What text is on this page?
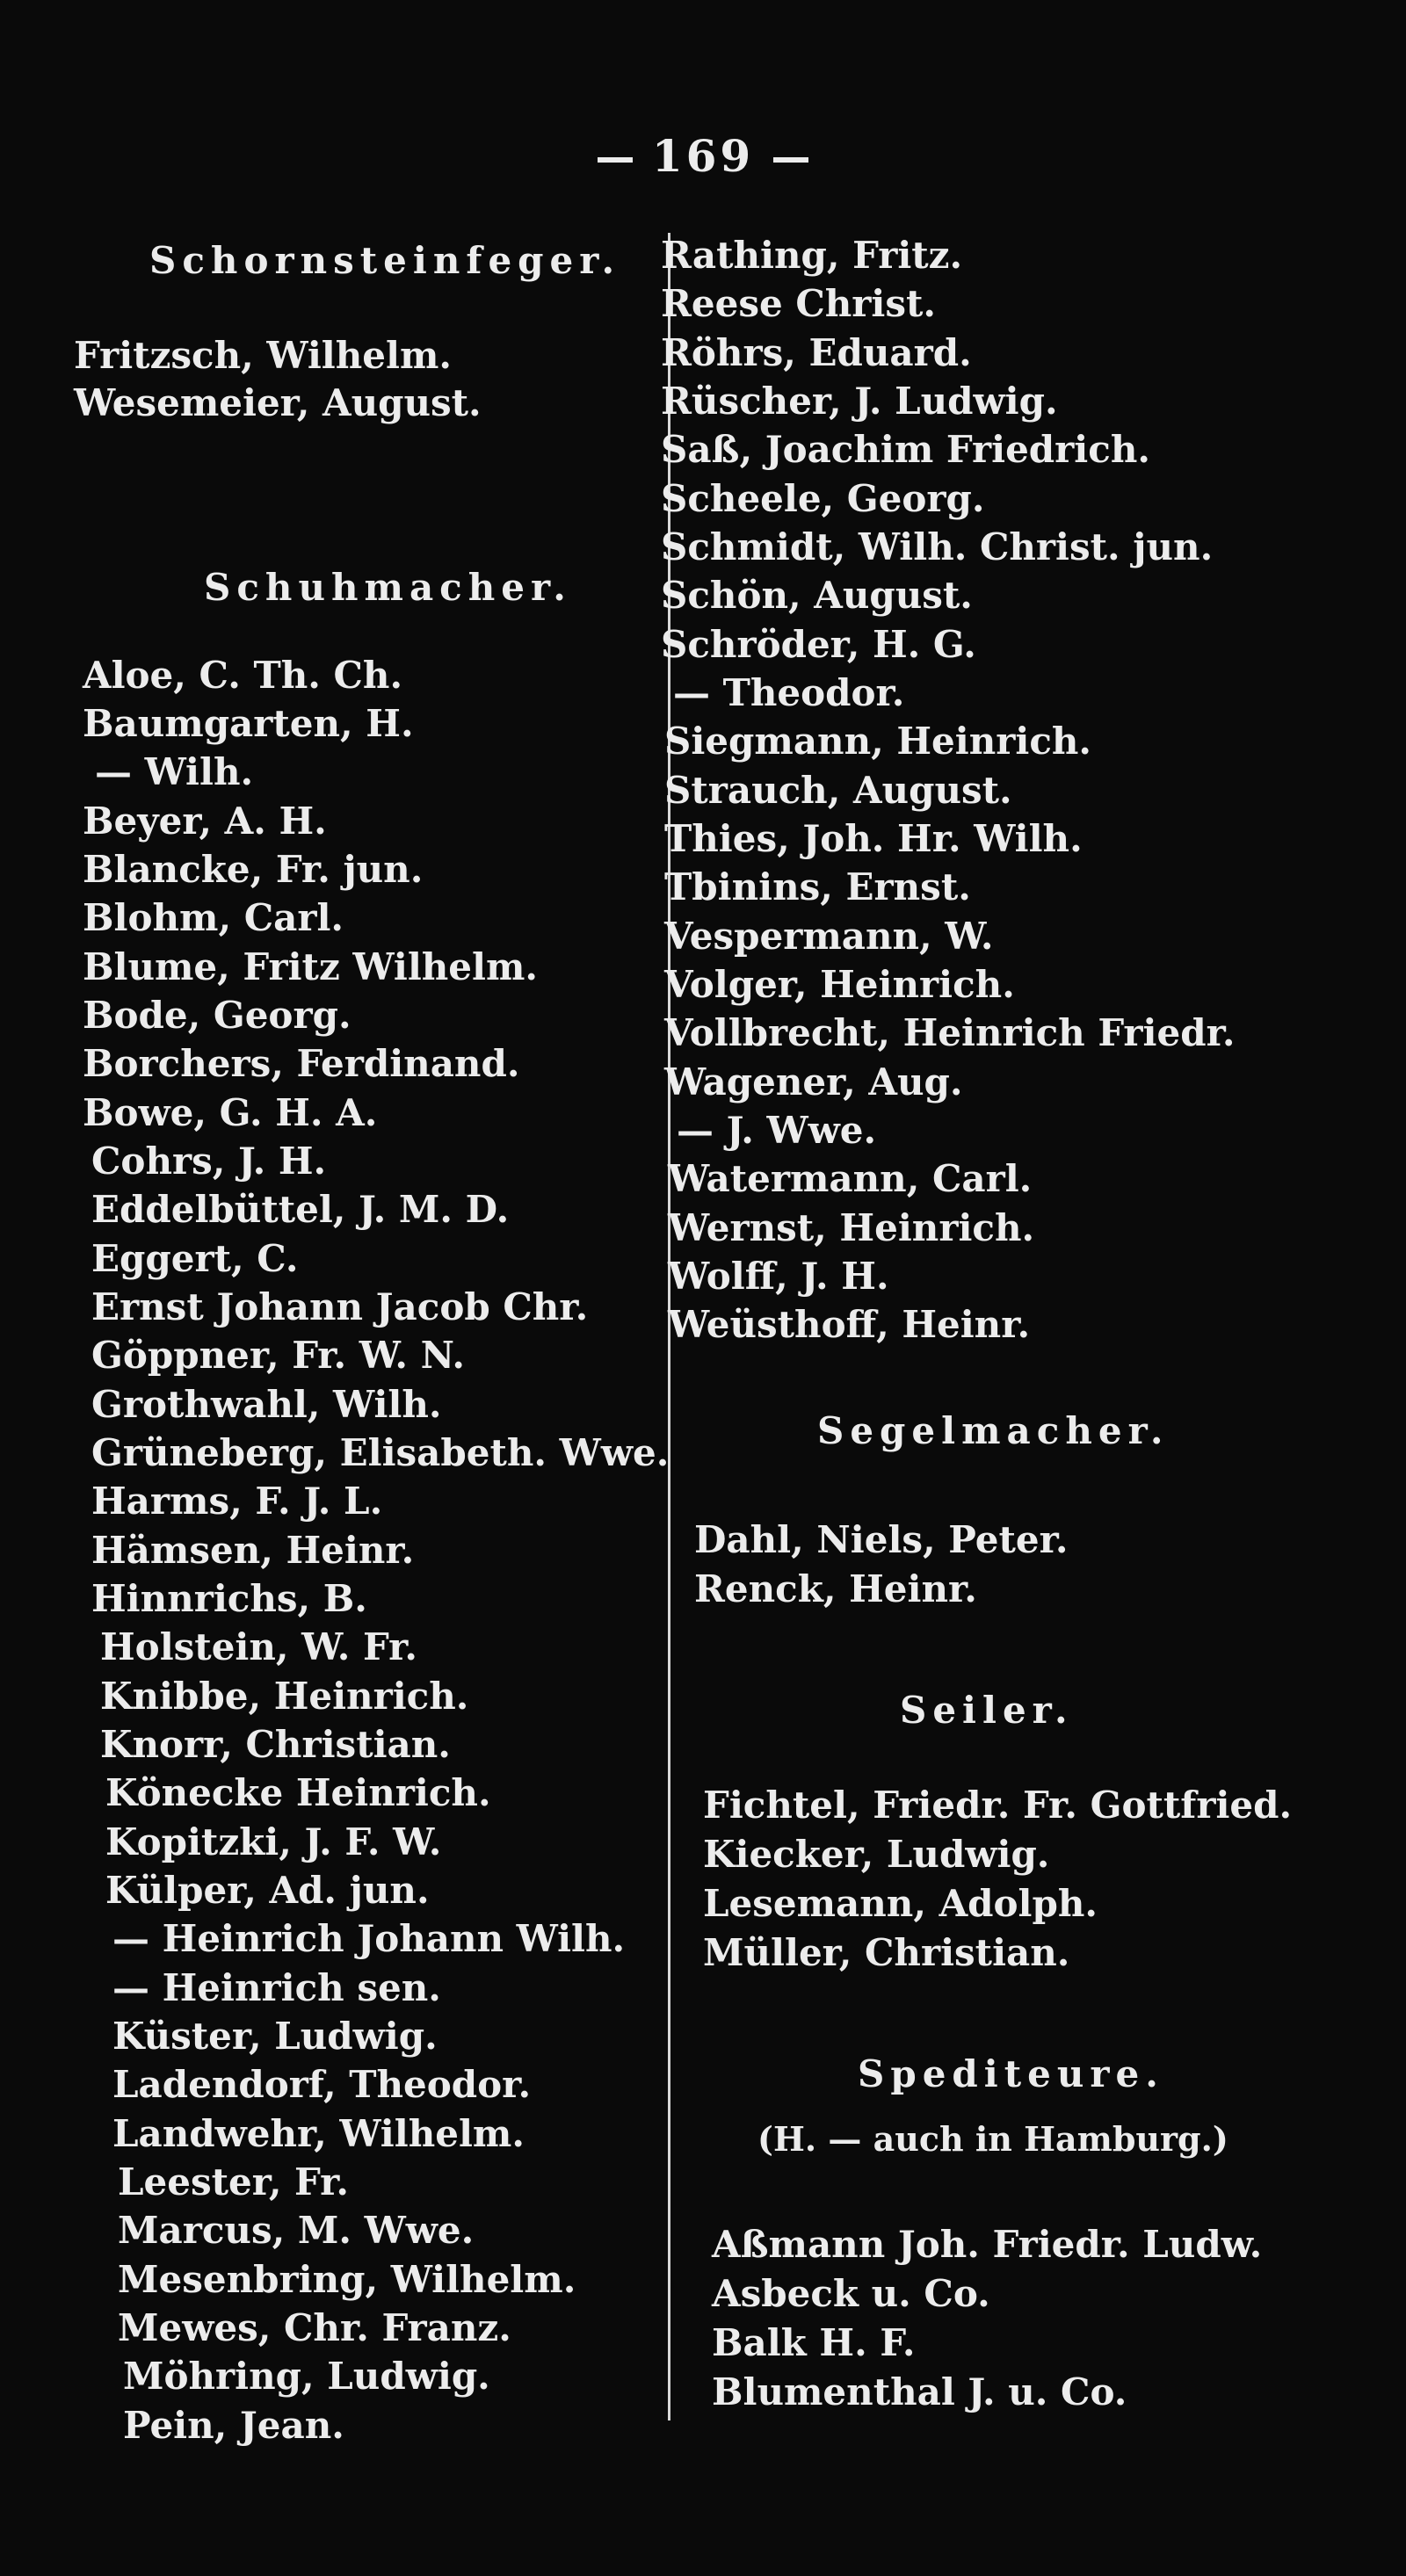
169
Schornsteinfeger.
Fritzsch, Wilhelm.
Wesemeier, August.
Schuhmacher.
Aloe, C. Th. Ch.
Baumgarten, H.
— Wilh.
Beyer, A. H.
Blancke, Fr. jun.
Blohm, Carl.
Blume, Fritz Wilhelm.
Bode, Georg.
Borchers, Ferdinand.
Bowe, G. H. A.
Cohrs, J. H.
Eddelbüttel, J. M. D.
Eggert, C.
Ernst Johann Jacob Chr.
Göppner, Fr. W. N.
Grothwahl, Wilh.
Grüneberg, Elisabeth. Wwe.
Harms, F. J. L.
Hämsen, Heinr.
Hinnrichs, B.
Holstein, W. Fr.
Knibbe, Heinrich.
Knorr, Christian.
Könecke Heinrich.
Kopitzki, J. F. W.
Külper, Ad. jun.
— Heinrich Johann Wilh.
— Heinrich sen.
Küster, Ludwig.
Ladendorf, Theodor.
Landwehr, Wilhelm.
Leester, Fr.
Marcus, M. Wwe.
Mesenbring, Wilhelm.
Mewes, Chr. Franz.
Möhring, Ludwig.
Pein, Jean.
Rathing, Fritz.
Reese Christ.
Röhrs, Eduard.
Rüscher, J. Ludwig.
Saß, Joachim Friedrich.
Scheele, Georg.
Schmidt, Wilh. Christ. jun.
Schön, August.
Schröder, H. G.
— Theodor.
Siegmann, Heinrich.
Strauch, August.
Thies, Joh. Hr. Wilh.
Tbinins, Ernst.
Vespermann, W.
Volger, Heinrich.
Vollbrecht, Heinrich Friedr.
Wagener, Aug.
— J. Wwe.
Watermann, Carl.
Wernst, Heinrich.
Wolff, J. H.
Weüsthoff, Heinr.
Segelmacher.
Dahl, Niels, Peter.
Renck, Heinr.
Seiler.
Fichtel, Friedr. Fr. Gottfried.
Kiecker, Ludwig.
Lesemann, Adolph.
Müller, Christian.
Spediteure.
(H. — auch in Hamburg.)
Aßmann Joh. Friedr. Ludw.
Asbeck u. Co.
Balk H. F.
Blumenthal J. u. Co.
